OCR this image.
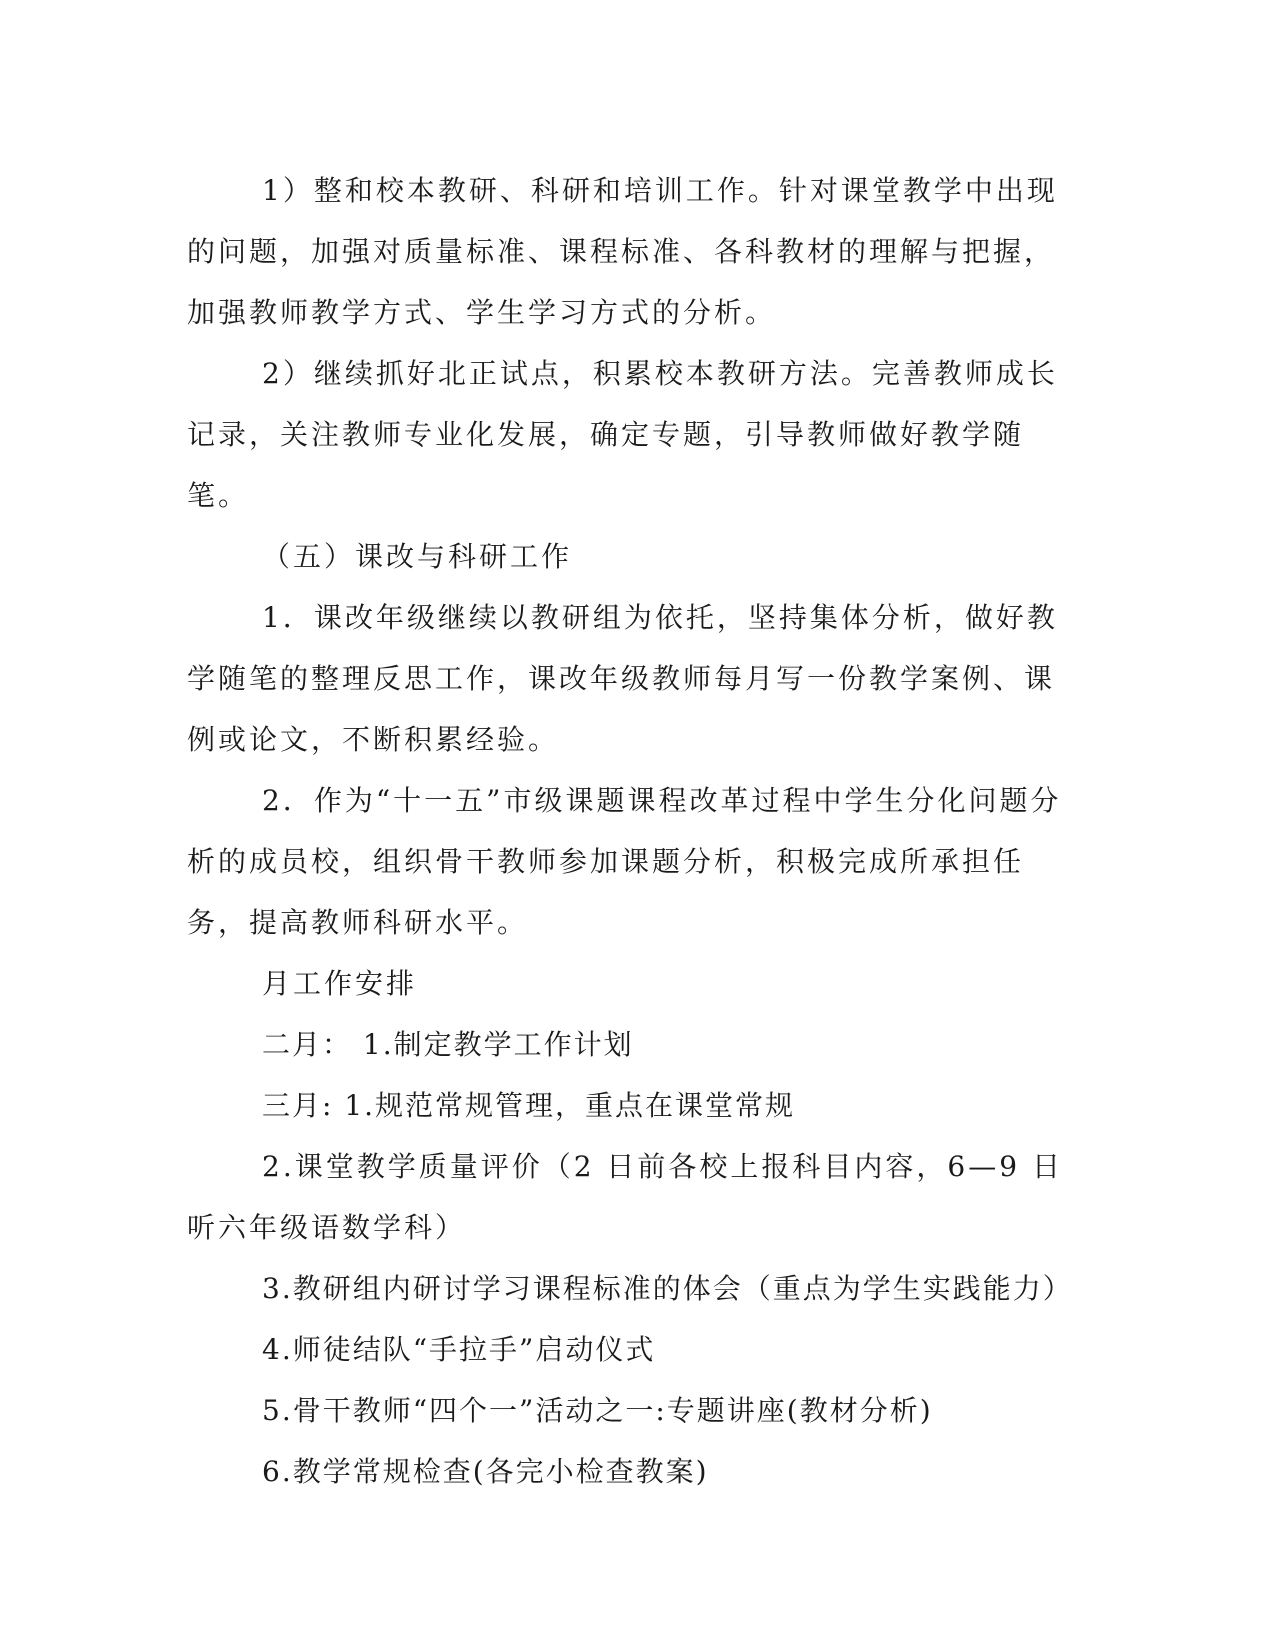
1）整和校本教研、科研和培训工作。针对课堂教学中出现的问题，加强对质量标准、课程标准、各科教材的理解与把握，加强教师教学方式、学生学习方式的分析。

2）继续抓好北正试点，积累校本教研方法。完善教师成长记录，关注教师专业化发展，确定专题，引导教师做好教学随笔。

（五）课改与科研工作

1．课改年级继续以教研组为依托，坚持集体分析，做好教学随笔的整理反思工作，课改年级教师每月写一份教学案例、课例或论文，不断积累经验。

2．作为“十一五”市级课题课程改革过程中学生分化问题分析的成员校，组织骨干教师参加课题分析，积极完成所承担任务，提高教师科研水平。

月工作安排

二月： 1.制定教学工作计划

三月: 1.规范常规管理，重点在课堂常规

2.课堂教学质量评价（2 日前各校上报科目内容，6—9 日听六年级语数学科）

3.教研组内研讨学习课程标准的体会（重点为学生实践能力）

4.师徒结队“手拉手”启动仪式

5.骨干教师“四个一”活动之一:专题讲座(教材分析)

6.教学常规检查(各完小检查教案)
